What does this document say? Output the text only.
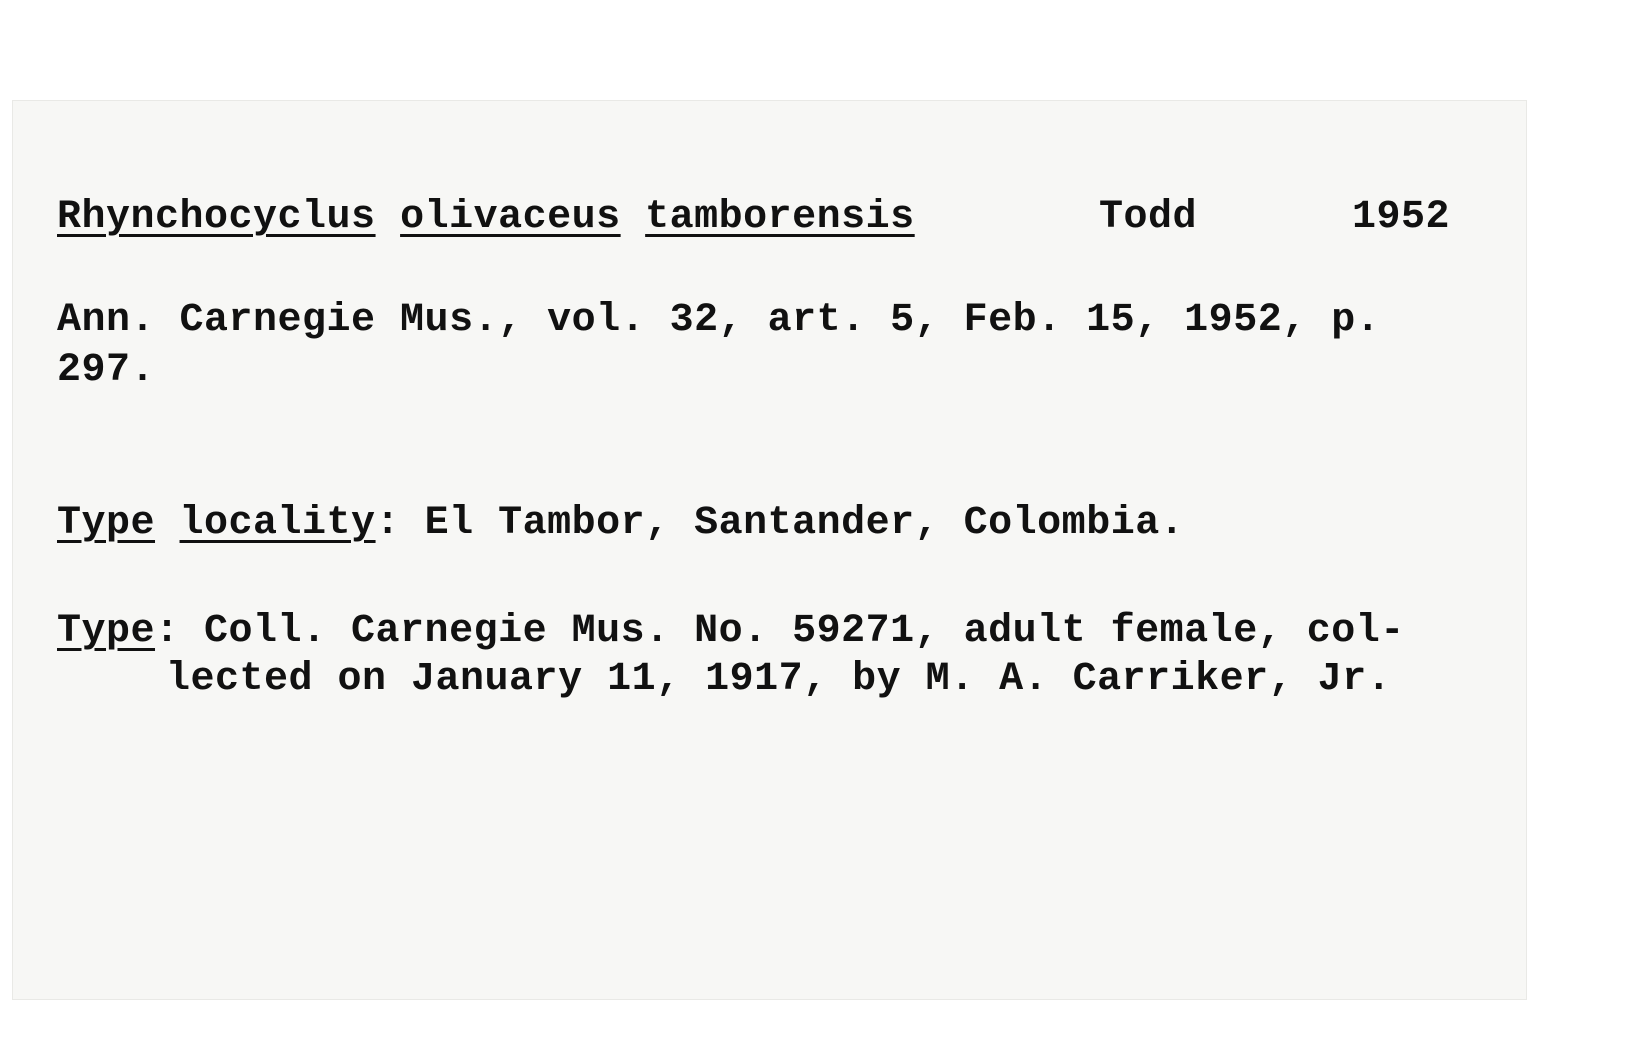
Rhynchocyclus olivaceus tamborensis	Todd	1952
Ann. Carnegie Mus., vol. 32, art. 5, Feb. 15, 1952, p.
297.
Type locality: El Tambor, Santander, Colombia.
Type: Coll. Carnegie Mus. No. 59271, adult female, col-
lected on January 11, 1917, by M. A. Carriker, Jr.
